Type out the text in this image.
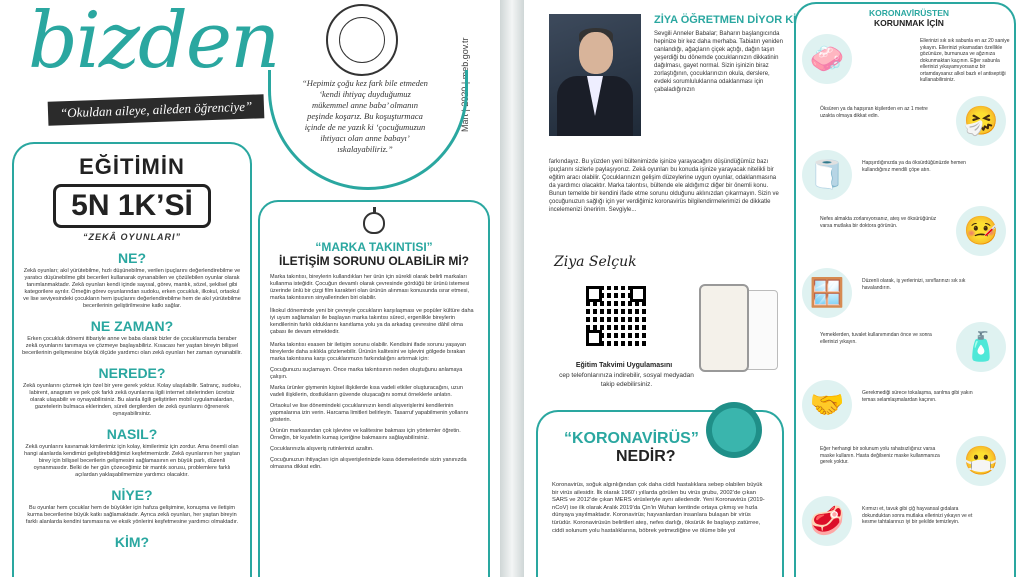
bizden
“Okuldan aileye, aileden öğrenciye”	Mart | 2020 | meb.gov.tr
“Hepimiz çoğu kez fark bile etmeden ‘kendi ihtiyaç duyduğumuz mükemmel anne baba’ olmanın peşinde koşarız. Bu koşuşturmaca içinde de ne yazık ki ‘çocuğumuzun ihtiyacı olan anne babayı’ ıskalayabiliriz.”
EĞİTİMİN
5N 1K’Sİ
“ZEKÂ OYUNLARI”
NE?
Zekâ oyunları; akıl yürütebilme, hızlı düşünebilme, verilen ipuçlarını değerlendirebilme ve yaratıcı düşünebilme gibi becerileri kullanarak oynanabilen ve çözülebilen oyunlar olarak tanımlanmaktadır. Zekâ oyunları kendi içinde sayısal, görev, mantık, sözel, şekilsel gibi kategorilere ayrılır. Örneğin görev oyunlarından sudoku, erken çocukluk, ilkokul, ortaokul ve lise seviyesindeki çocukların hem ipuçlarını değerlendirebilme hem de akıl yürütebilme becerilerinin geliştirilmesine katkı sağlar.
NE ZAMAN?
Erken çocukluk dönemi itibariyle anne ve baba olarak bizler de çocuklarımızla beraber zekâ oyunlarını tanımaya ve çözmeye başlayabiliriz. Kısacası her yaştan bireyin bilişsel becerilerinin gelişmesine büyük ölçüde yardımcı olan zekâ oyunları her zaman oynanabilir.
NEREDE?
Zekâ oyunlarını çözmek için özel bir yere gerek yoktur. Kolay ulaşılabilir. Satranç, sudoku, labirent, anagram ve pek çok farklı zekâ oyunlarına ilgili internet sitelerinden ücretsiz olarak ulaşabilir ve oynayabilirsiniz. Bu alanla ilgili geliştirilen mobil uygulamalardan, gazetelerin bulmaca eklerinden, süreli dergilerden de zekâ oyunlarını öğrenerek oynayabilirsiniz.
NASIL?
Zekâ oyunlarını kavramak kimilerimiz için kolay, kimilerimiz için zordur. Ama önemli olan hangi alanlarda kendimizi geliştirebildiğimizi keşfetmemizdir. Zekâ oyunlarının her yaştan birey için bilişsel becerilerin gelişmesini sağlamasının en büyük parlı, düzenli oynanmasıdır. Belki de her gün çözeceğimiz bir mantık sorusu, problemlere farklı açılardan yaklaşabilmemize yardımcı olacaktır.
NİYE?
Bu oyunlar hem çocuklar hem de büyükler için hafıza gelişimine, konuşma ve iletişim kurma becerilerine büyük katkı sağlamaktadır. Ayrıca zekâ oyunları, her yaştan bireyin farklı alanlarda kendini tanımasına ve eksik yönlerini keşfetmesine yardımcı olmaktadır.
KİM?
“MARKA TAKINTISI”
İLETİŞİM SORUNU OLABİLİR Mİ?
Marka takıntısı, bireylerin kullandıkları her ürün için sürekli olarak belirli markaları kullanma isteğidir. Çocuğun devamlı olarak çevresinde gördüğü bir ürünü istemesi üzerinde ünlü bir çizgi film karakteri olan ürünün alınması konusunda ısrar etmesi, marka takıntısının sinyallerinden biri olabilir.
İlkokul döneminde yeni bir çevreyle çocukların karşılaşması ve popüler kültüre daha iyi uyum sağlamaları ile başlayan marka takıntısı süreci, ergenlikle bireylerin kendilerinin farklı olduklarını kanıtlama yolu ya da arkadaş çevresine dâhil olma çabası ile devam etmektedir.
Marka takıntısı esasen bir iletişim sorunu olabilir. Kendisini ifade sorunu yaşayan bireylerde daha sıklıkla gözlenebilir. Ürünün kalitesini ve işlevini gölgede bırakan marka takıntısına karşı çocuklarımızın farkındalığını artırmak için:
Çocuğunuzu suçlamayın. Önce marka takıntısının neden oluştuğunu anlamaya çalışın.
Marka ürünler giymenin kişisel ilişkilerde kısa vadeli etkiler oluşturacağını, uzun vadeli ilişkilerin, dostlukların güvende oluşacağını somut örneklerle anlatın.
Ortaokul ve lise dönemindeki çocuklarınızın kendi alışverişlerini kendilerinin yapmalarına izin verin. Harcama limitleri belirleyin. Tasarruf yapabilmenin yollarını gösterin.
Ürünün markasından çok işlevine ve kalitesine bakması için yöntemler öğretin. Örneğin, bir kıyafetin kumaş içeriğine bakmasını sağlayabilirsiniz.
Çocuklarınızla alışveriş rutinlerinizi azaltın.
Çocuğunuzun ihtiyaçları için alışverişlerinizde kasa ödemelerinde sizin yanınızda olmasına dikkat edin.
ZİYA ÖĞRETMEN DİYOR Kİ
Sevgili Anneler Babalar; Baharın başlangıcında hepinize bir kez daha merhaba. Tabiatın yeniden canlandığı, ağaçların çiçek açtığı, dağın taşın yeşerdiği bu dönemde çocuklarınızın dikkatinin dağılması, gayet normal. Sizin işinizin biraz zorlaştığının, çocuklarınızın okula, derslere, evdeki sorumluluklarına odaklanması için çabaladığınızın
farkındayız. Bu yüzden yeni bültenimizde işinize yarayacağını düşündüğümüz bazı ipuçlarını sizlerle paylaşıyoruz. Zekâ oyunları bu konuda işinize yarayacak nitelikli bir eğitim aracı olabilir. Çocuklarınızın gelişim düzeylerine uygun oyunlar, odaklanmasına da yardımcı olacaktır. Marka takıntısı, bültende ele aldığımız diğer bir önemli konu. Bunun temelde bir kendini ifade etme sorunu olduğunu aklınızdan çıkarmayın. Sizin ve çocuğunuzun sağlığı için yer verdiğimiz koronavirüs bilgilendirmelerimizi de dikkatle incelemenizi öneririm. Sevgiyle...
Ziya Selçuk
Eğitim Takvimi Uygulamasını
cep telefonlarınıza indirebilir, sosyal medyadan takip edebilirsiniz.
“KORONAVİRÜS”
NEDİR?
Koronavirüs, soğuk algınlığından çok daha ciddi hastalıklara sebep olabilen büyük bir virüs ailesidir. İlk olarak 1960’ı yıllarda görülen bu virüs grubu, 2002’de çıkan SARS ve 2012’de çıkan MERS virüsleriyle aynı ailedendir. Yeni Koronavirüs (2019-nCoV) ise ilk olarak Aralık 2019’da Çin’in Wuhan kentinde ortaya çıkmış ve hızla dünyaya yayılmaktadır. Koronavirüs; hayvanlardan insanlara bulaşan bir virüs türüdür. Koronavirüsün belirtileri ateş, nefes darlığı, öksürük ile başlayıp zatürree, ciddi solunum yolu hastalıklarına, böbrek yetmezliğine ve ölüme bile yol
KORONAVİRÜSTEN
KORUNMAK İÇİN
🧼
Ellerinizi sık sık sabunla en az 20 saniye yıkayın. Ellerinizi yıkamadan özellikle gözünüze, burnunuza ve ağzınıza dokunmaktan kaçının. Eğer sabunla ellerinizi yıkayamıyorsanız bir ortamdaysanız alkol bazlı el antiseptiği kullanabilirsiniz.
🤧
Öksüren ya da hapşıran kişilerden en az 1 metre uzakta olmaya dikkat edin.
🧻	Hapşırdığınızda ya da öksürdüğünüzde hemen kullandığınız mendili çöpe atın.
🤒
Nefes almakta zorlanıyorsanız, ateş ve öksürüğünüz varsa mutlaka bir doktora görünün.
🪟	Düzenli olarak, iş yerlerinizi, sınıflarınızı sık sık havalandırın.
🧴
Yemeklerden, tuvalet kullanımından önce ve sonra ellerinizi yıkayın.
🤝	Gerekmediği sürece tokalaşma, sarılma gibi yakın temas selamlaşmalardan kaçının.
😷
Eğer herhangi bir solunum yolu rahatsızlığınız varsa maske kullanın. Hasta değilseniz maske kullanmanıza gerek yoktur.
🥩	Kırmızı et, tavuk gibi çiğ hayvansal gıdalara dokunduktan sonra mutlaka ellerinizi yıkayın ve et kesme tahtalarınızı iyi bir şekilde temizleyin.
